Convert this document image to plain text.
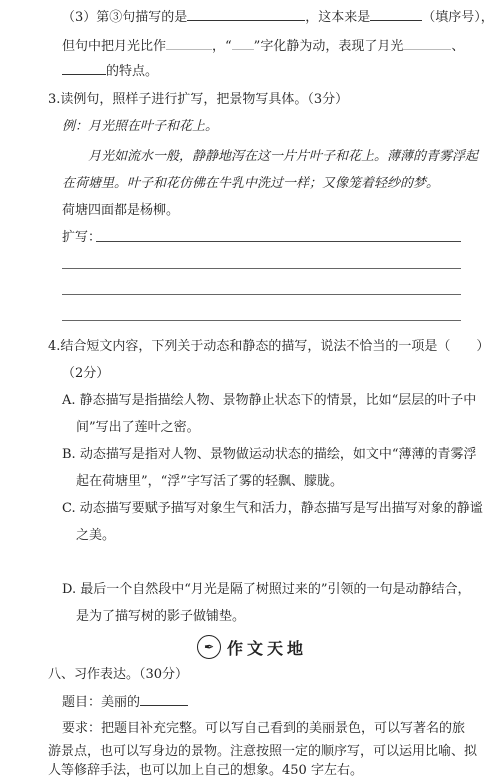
（3）第③句描写的是	，这本来是	（填序号），
但句中把月光比作	，“ ”字化静为动，表现了月光	、
的特点。
3.读例句，照样子进行扩写，把景物写具体。（3分）
例：月光照在叶子和花上。
月光如流水一般，静静地泻在这一片片叶子和花上。薄薄的青雾浮起
在荷塘里。叶子和花仿佛在牛乳中洗过一样；又像笼着轻纱的梦。
荷塘四面都是杨柳。
扩写：
4.结合短文内容，下列关于动态和静态的描写，说法不恰当的一项是（　　）
（2分）
A. 静态描写是指描绘人物、景物静止状态下的情景，比如“层层的叶子中
间”写出了莲叶之密。
B. 动态描写是指对人物、景物做运动状态的描绘，如文中“薄薄的青雾浮
起在荷塘里”，“浮”字写活了雾的轻飘、朦胧。
C. 动态描写要赋予描写对象生气和活力，静态描写是写出描写对象的静谧
之美。
D. 最后一个自然段中“月光是隔了树照过来的”引领的一句是动静结合，
是为了描写树的影子做铺垫。
✒ 作文天地
八、习作表达。（30分）
题目：美丽的
要求：把题目补充完整。可以写自己看到的美丽景色，可以写著名的旅
游景点，也可以写身边的景物。注意按照一定的顺序写，可以运用比喻、拟
人等修辞手法，也可以加上自己的想象。450 字左右。
